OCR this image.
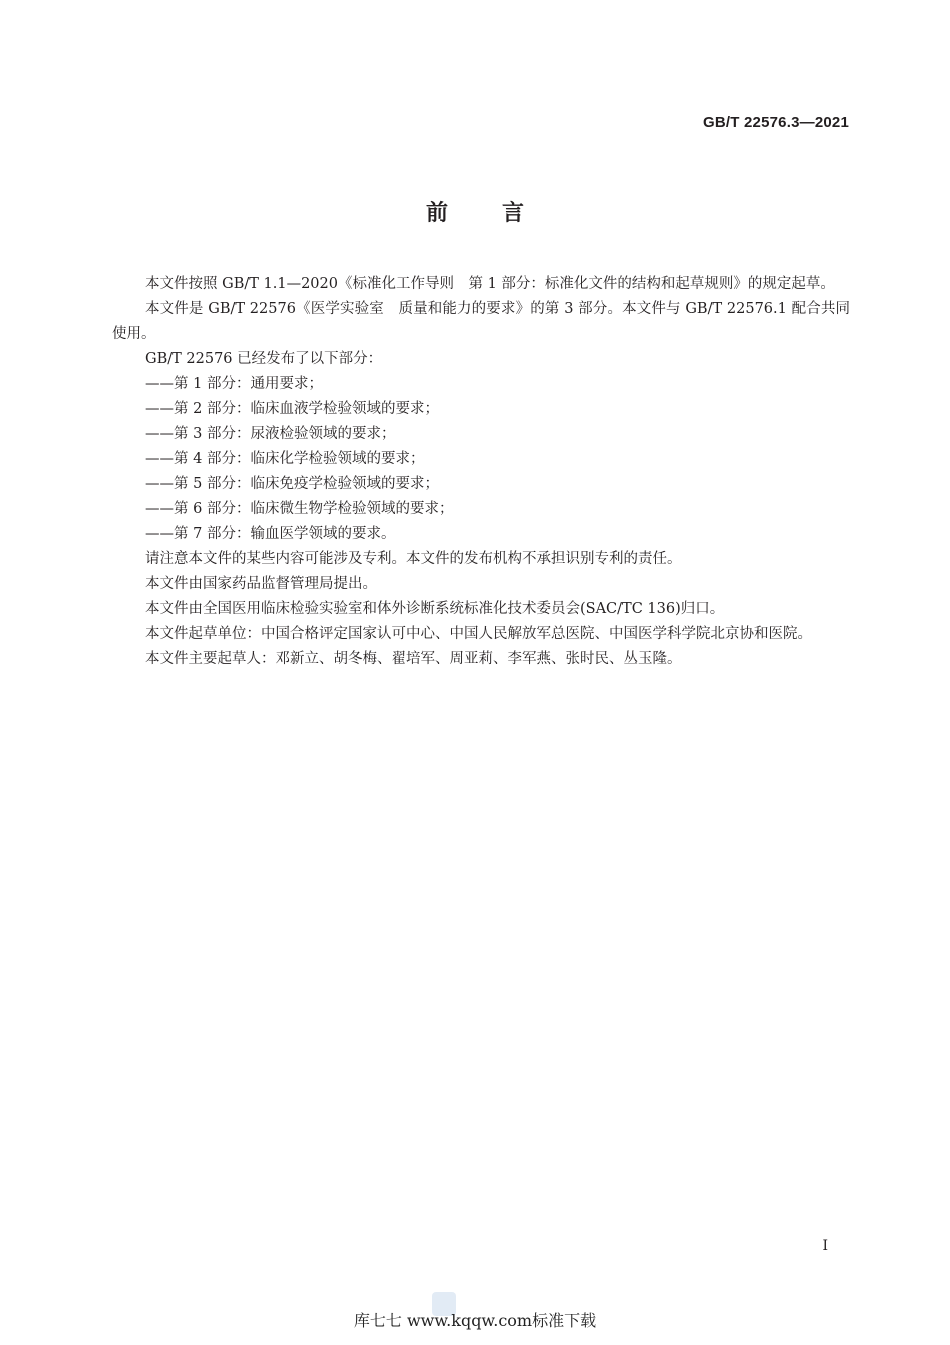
GB/T 22576.3—2021

前言

本文件按照 GB/T 1.1—2020《标准化工作导则　第 1 部分：标准化文件的结构和起草规则》的规定起草。

本文件是 GB/T 22576《医学实验室　质量和能力的要求》的第 3 部分。本文件与 GB/T 22576.1 配合共同使用。

GB/T 22576 已经发布了以下部分：

——第 1 部分：通用要求；

——第 2 部分：临床血液学检验领域的要求；

——第 3 部分：尿液检验领域的要求；

——第 4 部分：临床化学检验领域的要求；

——第 5 部分：临床免疫学检验领域的要求；

——第 6 部分：临床微生物学检验领域的要求；

——第 7 部分：输血医学领域的要求。

请注意本文件的某些内容可能涉及专利。本文件的发布机构不承担识别专利的责任。

本文件由国家药品监督管理局提出。

本文件由全国医用临床检验实验室和体外诊断系统标准化技术委员会(SAC/TC 136)归口。

本文件起草单位：中国合格评定国家认可中心、中国人民解放军总医院、中国医学科学院北京协和医院。

本文件主要起草人：邓新立、胡冬梅、翟培军、周亚莉、李军燕、张时民、丛玉隆。

I

库七七 www.kqqw.com标准下载
